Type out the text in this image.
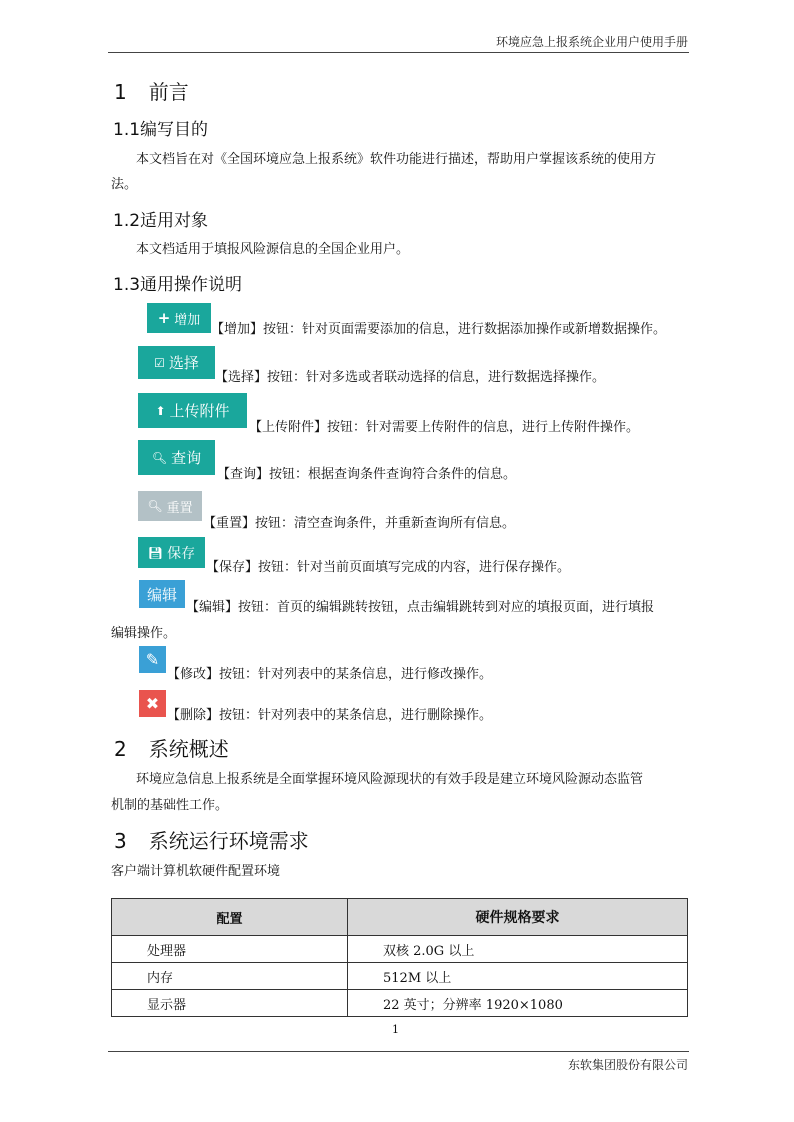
环境应急上报系统企业用户使用手册
1 前言
1.1编写目的
本文档旨在对《全国环境应急上报系统》软件功能进行描述，帮助用户掌握该系统的使用方
法。
1.2适用对象
本文档适用于填报风险源信息的全国企业用户。
1.3通用操作说明
+ 增加
【增加】按钮：针对页面需要添加的信息，进行数据添加操作或新增数据操作。
☑ 选择
【选择】按钮：针对多选或者联动选择的信息，进行数据选择操作。
⬆ 上传附件
【上传附件】按钮：针对需要上传附件的信息，进行上传附件操作。
🔍︎ 查询
【查询】按钮：根据查询条件查询符合条件的信息。
🔍︎ 重置
【重置】按钮：清空查询条件，并重新查询所有信息。
💾︎ 保存
【保存】按钮：针对当前页面填写完成的内容，进行保存操作。
编辑
【编辑】按钮：首页的编辑跳转按钮，点击编辑跳转到对应的填报页面，进行填报
编辑操作。
✎
【修改】按钮：针对列表中的某条信息，进行修改操作。
✖
【删除】按钮：针对列表中的某条信息，进行删除操作。
2 系统概述
环境应急信息上报系统是全面掌握环境风险源现状的有效手段是建立环境风险源动态监管
机制的基础性工作。
3 系统运行环境需求
客户端计算机软硬件配置环境
配置	硬件规格要求
处理器	双核 2.0G 以上
内存	512M 以上
显示器	22 英寸；分辨率 1920×1080
1
东软集团股份有限公司
